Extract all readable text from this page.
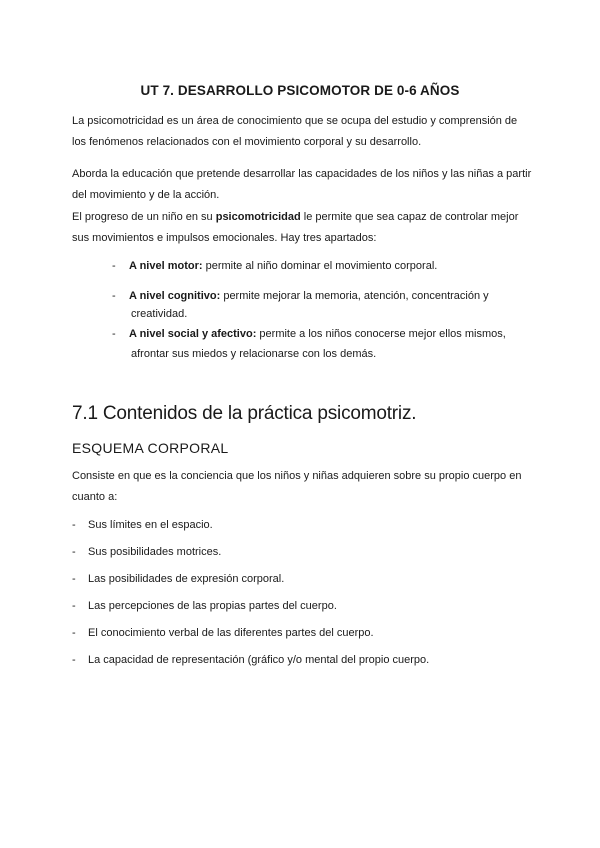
UT 7. DESARROLLO PSICOMOTOR DE 0-6 AÑOS
La psicomotricidad es un área de conocimiento que se ocupa del estudio y comprensión de los fenómenos relacionados con el movimiento corporal y su desarrollo.
Aborda la educación que pretende desarrollar las capacidades de los niños y las niñas a partir del movimiento y de la acción.
El progreso de un niño en su psicomotricidad le permite que sea capaz de controlar mejor sus movimientos e impulsos emocionales. Hay tres apartados:
- A nivel motor: permite al niño dominar el movimiento corporal.
- A nivel cognitivo: permite mejorar la memoria, atención, concentración y
creatividad.
- A nivel social y afectivo: permite a los niños conocerse mejor ellos mismos,
afrontar sus miedos y relacionarse con los demás.
7.1 Contenidos de la práctica psicomotriz.
ESQUEMA CORPORAL
Consiste en que es la conciencia que los niños y niñas adquieren sobre su propio cuerpo en cuanto a:
- Sus límites en el espacio.
- Sus posibilidades motrices.
- Las posibilidades de expresión corporal.
- Las percepciones de las propias partes del cuerpo.
- El conocimiento verbal de las diferentes partes del cuerpo.
- La capacidad de representación (gráfico y/o mental del propio cuerpo.
